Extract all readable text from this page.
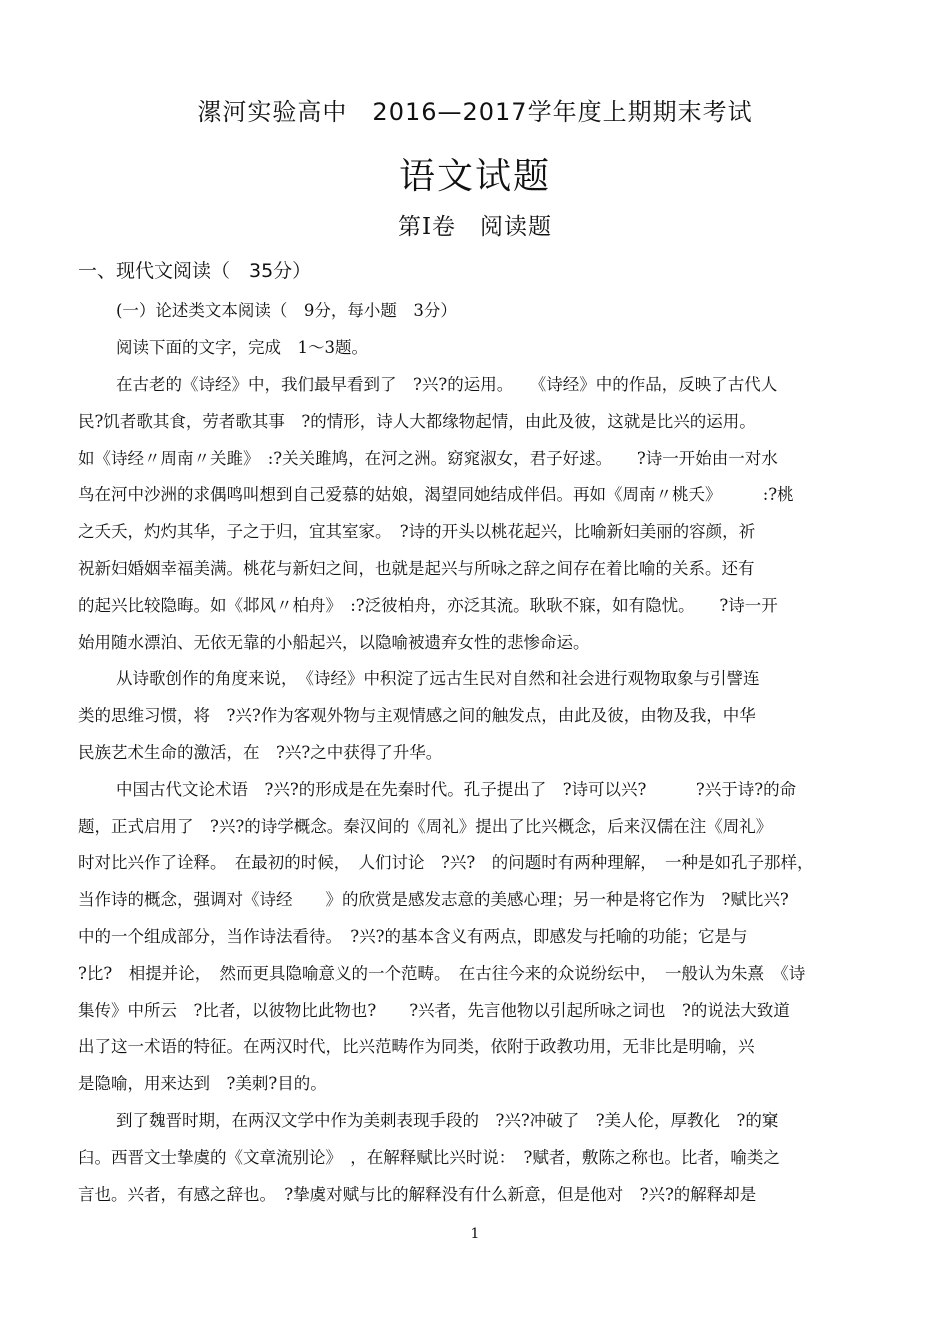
漯河实验高中　2016—2017学年度上期期末考试
语文试题
第Ⅰ卷　阅读题
一、现代文阅读（　35分）
(一）论述类文本阅读（　9分，每小题　3分）
阅读下面的文字，完成　1～3题。
在古老的《诗经》中，我们最早看到了　?兴?的运用。　　《诗经》中的作品，反映了古代人
民?饥者歌其食，劳者歌其事　?的情形，诗人大都缘物起情，由此及彼，这就是比兴的运用。
如《诗经〃周南〃关雎》　:?关关雎鸠，在河之洲。窈窕淑女，君子好逑。　　?诗一开始由一对水
鸟在河中沙洲的求偶鸣叫想到自己爱慕的姑娘，渴望同她结成伴侣。再如《周南〃桃夭》　　　:?桃
之夭夭，灼灼其华，子之于归，宜其室家。　?诗的开头以桃花起兴，比喻新妇美丽的容颜，祈
祝新妇婚姻幸福美满。桃花与新妇之间，也就是起兴与所咏之辞之间存在着比喻的关系。还有
的起兴比较隐晦。如《邶风〃柏舟》　:?泛彼柏舟，亦泛其流。耿耿不寐，如有隐忧。　　?诗一开
始用随水漂泊、无依无靠的小船起兴，以隐喻被遗弃女性的悲惨命运。
从诗歌创作的角度来说，　《诗经》中积淀了远古生民对自然和社会进行观物取象与引譬连
类的思维习惯，将　?兴?作为客观外物与主观情感之间的触发点，由此及彼，由物及我，中华
民族艺术生命的激活，在　?兴?之中获得了升华。
中国古代文论术语　?兴?的形成是在先秦时代。孔子提出了　?诗可以兴?　　　?兴于诗?的命
题，正式启用了　?兴?的诗学概念。秦汉间的《周礼》提出了比兴概念，后来汉儒在注《周礼》
时对比兴作了诠释。　在最初的时候，　人们讨论　?兴?　的问题时有两种理解，　一种是如孔子那样，
当作诗的概念，强调对《诗经　　》的欣赏是感发志意的美感心理；另一种是将它作为　?赋比兴?
中的一个组成部分，当作诗法看待。　?兴?的基本含义有两点，即感发与托喻的功能；它是与
?比?　相提并论，　然而更具隐喻意义的一个范畴。　在古往今来的众说纷纭中，　一般认为朱熹　《诗
集传》中所云　?比者，以彼物比此物也?　　?兴者，先言他物以引起所咏之词也　?的说法大致道
出了这一术语的特征。在两汉时代，比兴范畴作为同类，依附于政教功用，无非比是明喻，兴
是隐喻，用来达到　?美刺?目的。
到了魏晋时期，在两汉文学中作为美刺表现手段的　?兴?冲破了　?美人伦，厚教化　?的窠
臼。西晋文士挚虞的《文章流别论》　，在解释赋比兴时说：　?赋者，敷陈之称也。比者，喻类之
言也。兴者，有感之辞也。　?挚虞对赋与比的解释没有什么新意，但是他对　?兴?的解释却是
1
